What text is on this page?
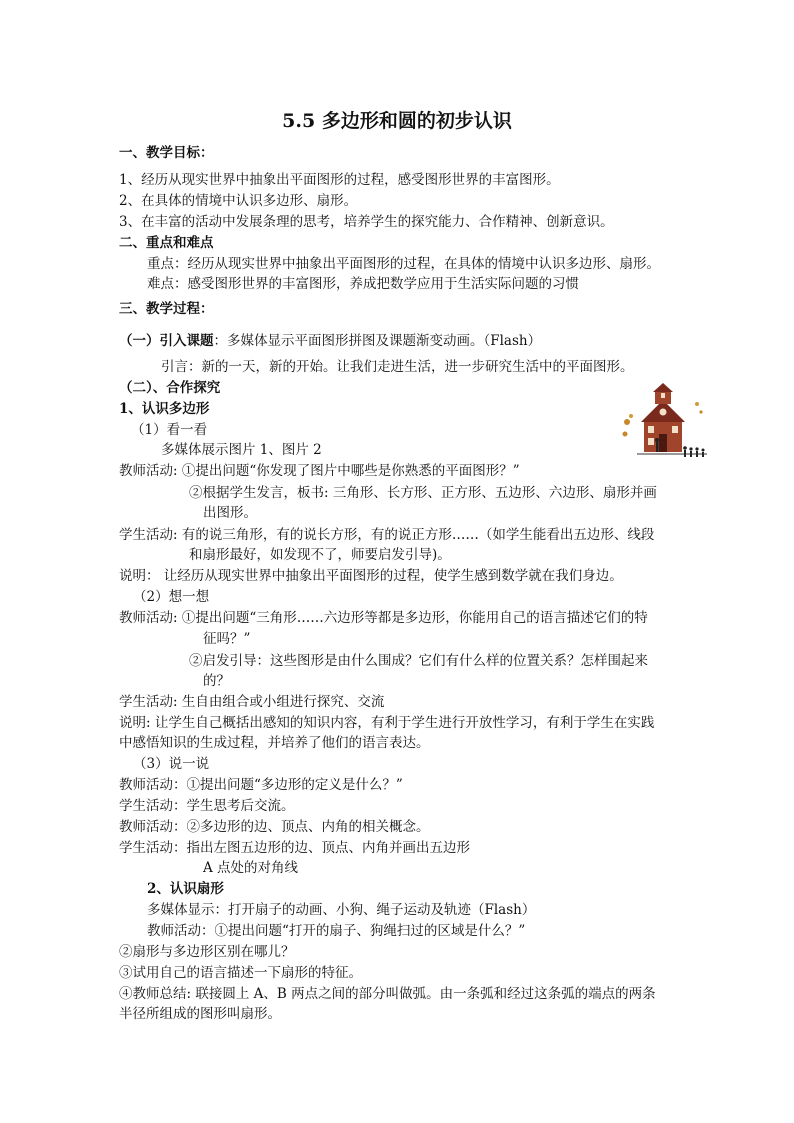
5.5 多边形和圆的初步认识
一、教学目标：
1、经历从现实世界中抽象出平面图形的过程，感受图形世界的丰富图形。
2、在具体的情境中认识多边形、扇形。
3、在丰富的活动中发展条理的思考，培养学生的探究能力、合作精神、创新意识。
二、重点和难点
重点：经历从现实世界中抽象出平面图形的过程，在具体的情境中认识多边形、扇形。
难点：感受图形世界的丰富图形，养成把数学应用于生活实际问题的习惯
三、教学过程：
（一）引入课题：多媒体显示平面图形拼图及课题渐变动画。（Flash）
引言：新的一天，新的开始。让我们走进生活，进一步研究生活中的平面图形。
（二）、合作探究
1、认识多边形
（1）看一看
多媒体展示图片 1、图片 2
教师活动: ①提出问题“你发现了图片中哪些是你熟悉的平面图形？”
②根据学生发言，板书: 三角形、长方形、正方形、五边形、六边形、扇形并画
出图形。
学生活动: 有的说三角形，有的说长方形，有的说正方形……（如学生能看出五边形、线段
和扇形最好，如发现不了，师要启发引导)。
说明： 让经历从现实世界中抽象出平面图形的过程，使学生感到数学就在我们身边。
（2）想一想
教师活动: ①提出问题“三角形……六边形等都是多边形，你能用自己的语言描述它们的特
征吗？”
②启发引导：这些图形是由什么围成？它们有什么样的位置关系？怎样围起来
的？
学生活动: 生自由组合或小组进行探究、交流
说明: 让学生自己概括出感知的知识内容，有利于学生进行开放性学习，有利于学生在实践
中感悟知识的生成过程，并培养了他们的语言表达。
（3）说一说
教师活动：①提出问题“多边形的定义是什么？”
学生活动：学生思考后交流。
教师活动：②多边形的边、顶点、内角的相关概念。
学生活动：指出左图五边形的边、顶点、内角并画出五边形
A 点处的对角线
2、认识扇形
多媒体显示：打开扇子的动画、小狗、绳子运动及轨迹（Flash）
教师活动：①提出问题“打开的扇子、狗绳扫过的区域是什么？”
②扇形与多边形区别在哪儿？
③试用自己的语言描述一下扇形的特征。
④教师总结: 联接圆上 A、B 两点之间的部分叫做弧。由一条弧和经过这条弧的端点的两条
半径所组成的图形叫扇形。
